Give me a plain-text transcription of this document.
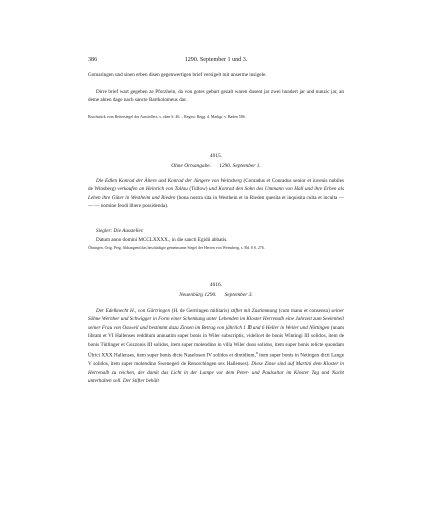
386	1290. September 1 und 3.

Gomaringen und sinen erben disen gegenwertigen brief versigelt mit unserme insigele.

Dirre brief wart gegeben ze Pforzhein, da von gotes geburt gezalt waren dusent jar zwei hundert jar und nunzic jar, an deme ahten dage nach sancte Bartholomeus dac.

Bruchstück vom Reitersiegel des Ausstellers, s. oben S. 46. – Regest: Regg. d. Markgr. v. Baden 586.

4015.

Ohne Ortsangabe.   1290. September 1.

Die Edlen Konrad der Ältere und Konrad der Jüngere von Weinsberg (Conradus et Conradus senior et iuvenis nobiles de Winsberg) verkaufen an Heinrich von Tullau (Tullow) und Konrad den Sohn des Ummann von Hall und ihre Erben als Lehen ihre Güter in Westheim und Rieden (bona nostra sita in Westhein et in Rieden quesita et inquisita culta et inculta — — — nomine feodi libere possidenda).

Siegler: Die Aussteller.

Datum anno domini MCCLXXXX., in die sancti Egidii abbatis.

Öhringen. Orig. Perg. Abhangend das beschädigte gemeinsame Siegel der Herren von Weinsberg, s. Bd. 8 S. 276.

4016.

Neuenbürg 1290.   September 3.

Der Edelknecht H., von Gärtringen (H. de Gertringen militaris) stiftet mit Zustimmung (cum manu et consensu) seiner Söhne Wernher und Schwigger in Form einer Schenkung unter Lebenden im Kloster Herrenalb eine Jahrzeit zum Seelenheil seiner Frau von Ossweil und bestimmt dazu Zinsen im Betrag von jährlich 1 ℔ und 6 Heller in Weiler und Nöttingen (unam libram et VI Hallenses redditum annuatim super bonis in Wiler subscriptis, videlicet de bonis Wintingi III solidos, item de bonis Tütlinger et Gozzonis III solidos, item super molendino in villa Wiler duos solidos, item super bonis relicte quondam Ülrici XXX Hallenses, item super bonis dicte Naselosen IV solidos et dimidium,$^a$ item super bonis in Netingen dicti Lange V solidos, item super molendino Swenegeri de Renorchingen sex Hallenses). Diese Zinse sind auf Martini dem Kloster in Herrenalb zu reichen, der damit das Licht in der Lampe vor dem Peter- und Paulsaltar im Kloster Tag und Nacht unterhalten soll. Der Stifter behält
